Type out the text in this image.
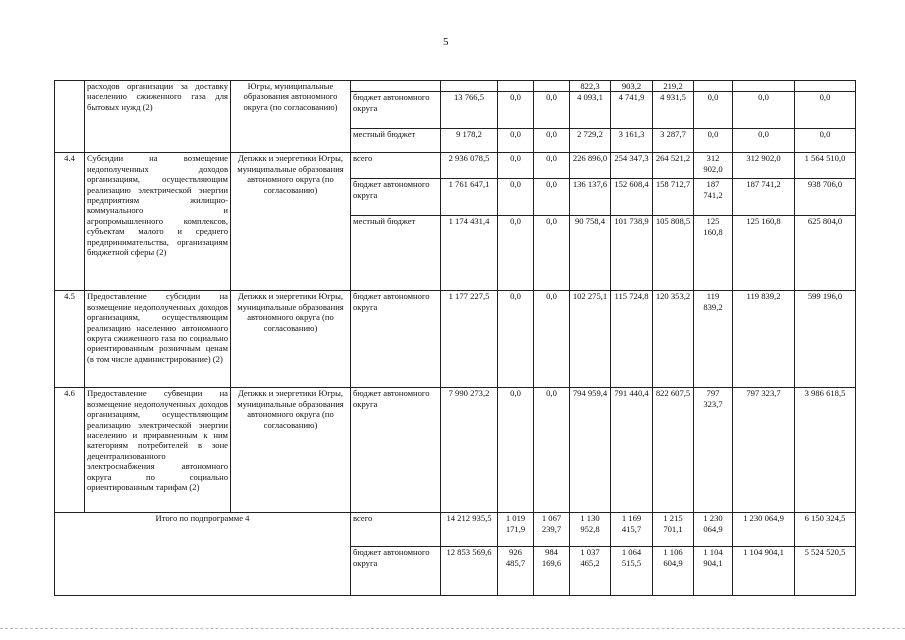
5
	расходов организации за доставку населению сжиженного газа для бытовых нужд (2)	Югры, муниципальные образования автономного округа (по согласованию)					822,3	903,2	219,2			
			бюджет автономного округа	13 766,5	0,0	0,0	4 093,1	4 741,9	4 931,5	0,0	0,0	0,0
			местный бюджет	9 178,2	0,0	0,0	2 729,2	3 161,3	3 287,7	0,0	0,0	0,0
4.4	Субсидии на возмещение недополученных доходов организациям, осуществляющим реализацию электрической энергии предприятиям жилищно-коммунального и агропромышленного комплексов, субъектам малого и среднего предпринимательства, организациям бюджетной сферы (2)	Депжкк и энергетики Югры, муниципальные образования автономного округа (по согласованию)	всего	2 936 078,5	0,0	0,0	226 896,0	254 347,3	264 521,2	312 902,0	312 902,0	1 564 510,0
			бюджет автономного округа	1 761 647,1	0,0	0,0	136 137,6	152 608,4	158 712,7	187 741,2	187 741,2	938 706,0
			местный бюджет	1 174 431,4	0,0	0,0	90 758,4	101 738,9	105 808,5	125 160,8	125 160,8	625 804,0
4.5	Предоставление субсидии на возмещение недополученных доходов организациям, осуществляющим реализацию населению автономного округа сжиженного газа по социально ориентированным розничным ценам (в том числе администрирование) (2)	Депжкк и энергетики Югры, муниципальные образования автономного округа (по согласованию)	бюджет автономного округа	1 177 227,5	0,0	0,0	102 275,1	115 724,8	120 353,2	119 839,2	119 839,2	599 196,0
4.6	Предоставление субвенции на возмещение недополученных доходов организациям, осуществляющим реализацию электрической энергии населению и приравненным к ним категориям потребителей в зоне децентрализованного электроснабжения автономного округа по социально ориентированным тарифам (2)	Депжкк и энергетики Югры, муниципальные образования автономного округа (по согласованию)	бюджет автономного округа	7 990 273,2	0,0	0,0	794 959,4	791 440,4	822 607,5	797 323,7	797 323,7	3 986 618,5
Итого по подпрограмме 4			всего	14 212 935,5	1 019 171,9	1 067 239,7	1 130 952,8	1 169 415,7	1 215 701,1	1 230 064,9	1 230 064,9	6 150 324,5
			бюджет автономного округа	12 853 569,6	926 485,7	984 169,6	1 037 465,2	1 064 515,5	1 106 604,9	1 104 904,1	1 104 904,1	5 524 520,5
